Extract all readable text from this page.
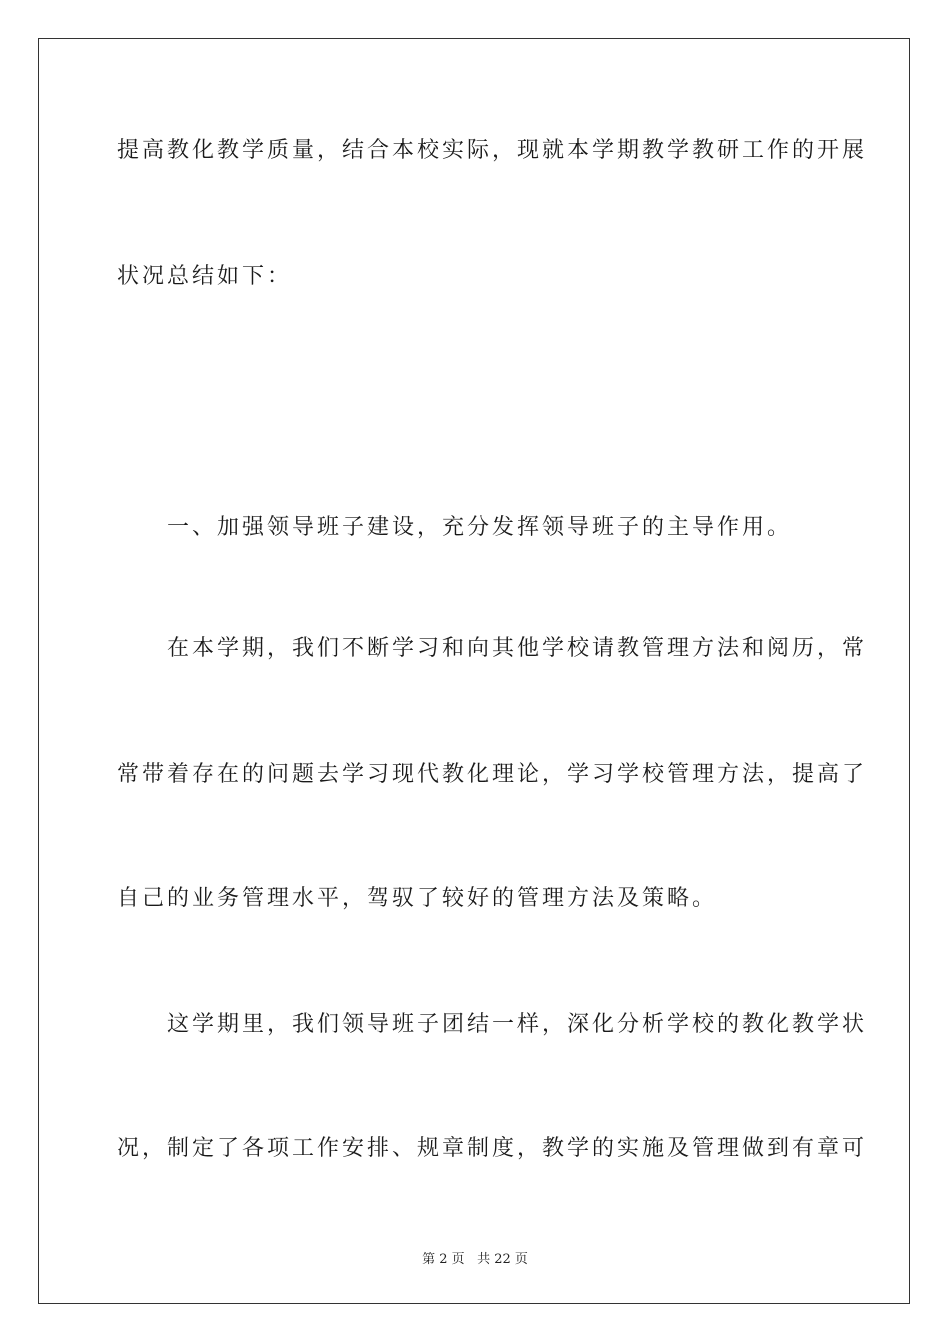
提高教化教学质量，结合本校实际，现就本学期教学教研工作的开展
状况总结如下：
　　一、加强领导班子建设，充分发挥领导班子的主导作用。
　　在本学期，我们不断学习和向其他学校请教管理方法和阅历，常
常带着存在的问题去学习现代教化理论，学习学校管理方法，提高了
自己的业务管理水平，驾驭了较好的管理方法及策略。
　　这学期里，我们领导班子团结一样，深化分析学校的教化教学状
况，制定了各项工作安排、规章制度，教学的实施及管理做到有章可
第 2 页 共 22 页
